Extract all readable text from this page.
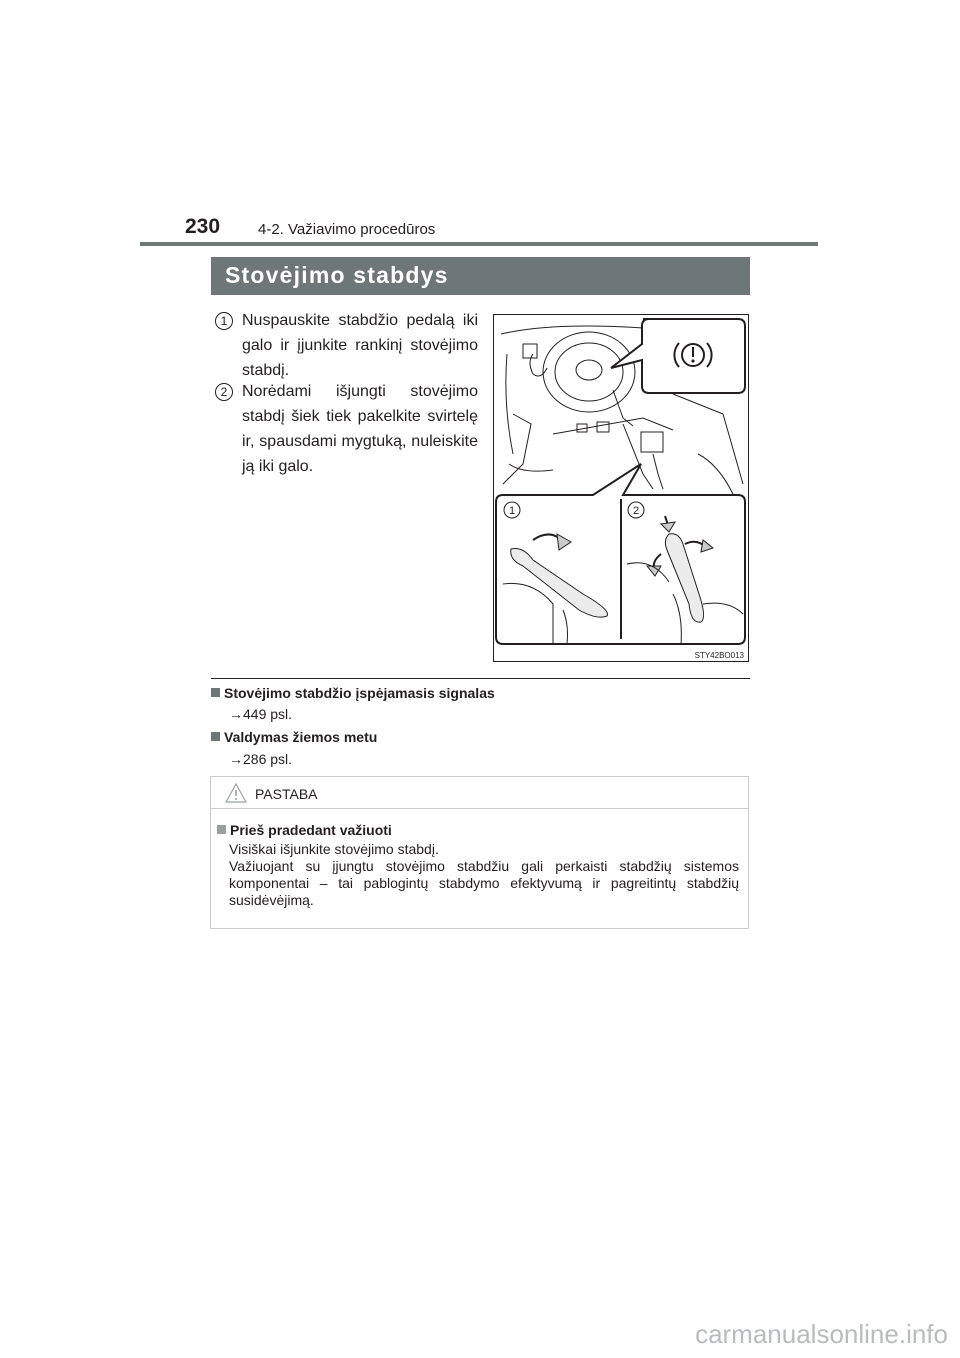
230	4-2. Važiavimo procedūros
Stovėjimo stabdys
1 Nuspauskite stabdžio pedalą iki galo ir įjunkite rankinį stovėjimo stabdį.
2 Norėdami išjungti stovėjimo stabdį šiek tiek pakelkite svirtelę ir, spausdami mygtuką, nuleiskite ją iki galo.
1	2
STY42BO013
Stovėjimo stabdžio įspėjamasis signalas
→449 psl.
Valdymas žiemos metu
→286 psl.
PASTABA
Prieš pradedant važiuoti
Visiškai išjunkite stovėjimo stabdį.
Važiuojant su įjungtu stovėjimo stabdžiu gali perkaisti stabdžių sistemos komponentai – tai pablogintų stabdymo efektyvumą ir pagreitintų stabdžių susidėvėjimą.
carmanualsonline.info
